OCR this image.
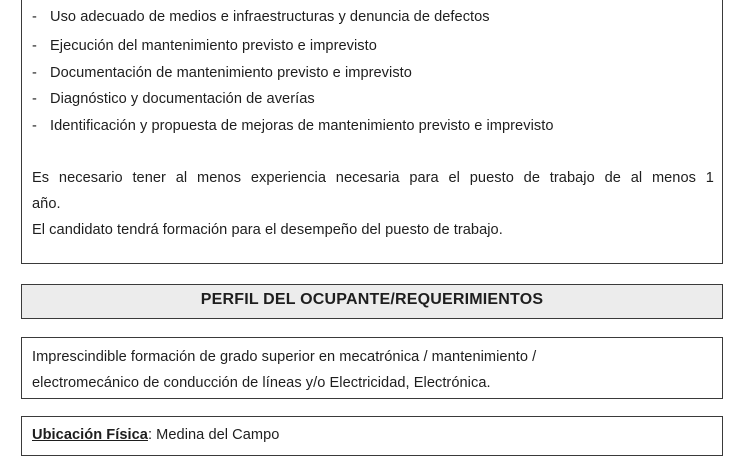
- Uso adecuado de medios e infraestructuras y denuncia de defectos
- Ejecución del mantenimiento previsto e imprevisto
- Documentación de mantenimiento previsto e imprevisto
- Diagnóstico y documentación de averías
- Identificación y propuesta de mejoras de mantenimiento previsto e imprevisto
Es necesario tener al menos experiencia necesaria para el puesto de trabajo de al menos 1
año.
El candidato tendrá formación para el desempeño del puesto de trabajo.
PERFIL DEL OCUPANTE/REQUERIMIENTOS
Imprescindible formación de grado superior en mecatrónica / mantenimiento /
electromecánico de conducción de líneas y/o Electricidad, Electrónica.
Ubicación Física: Medina del Campo
